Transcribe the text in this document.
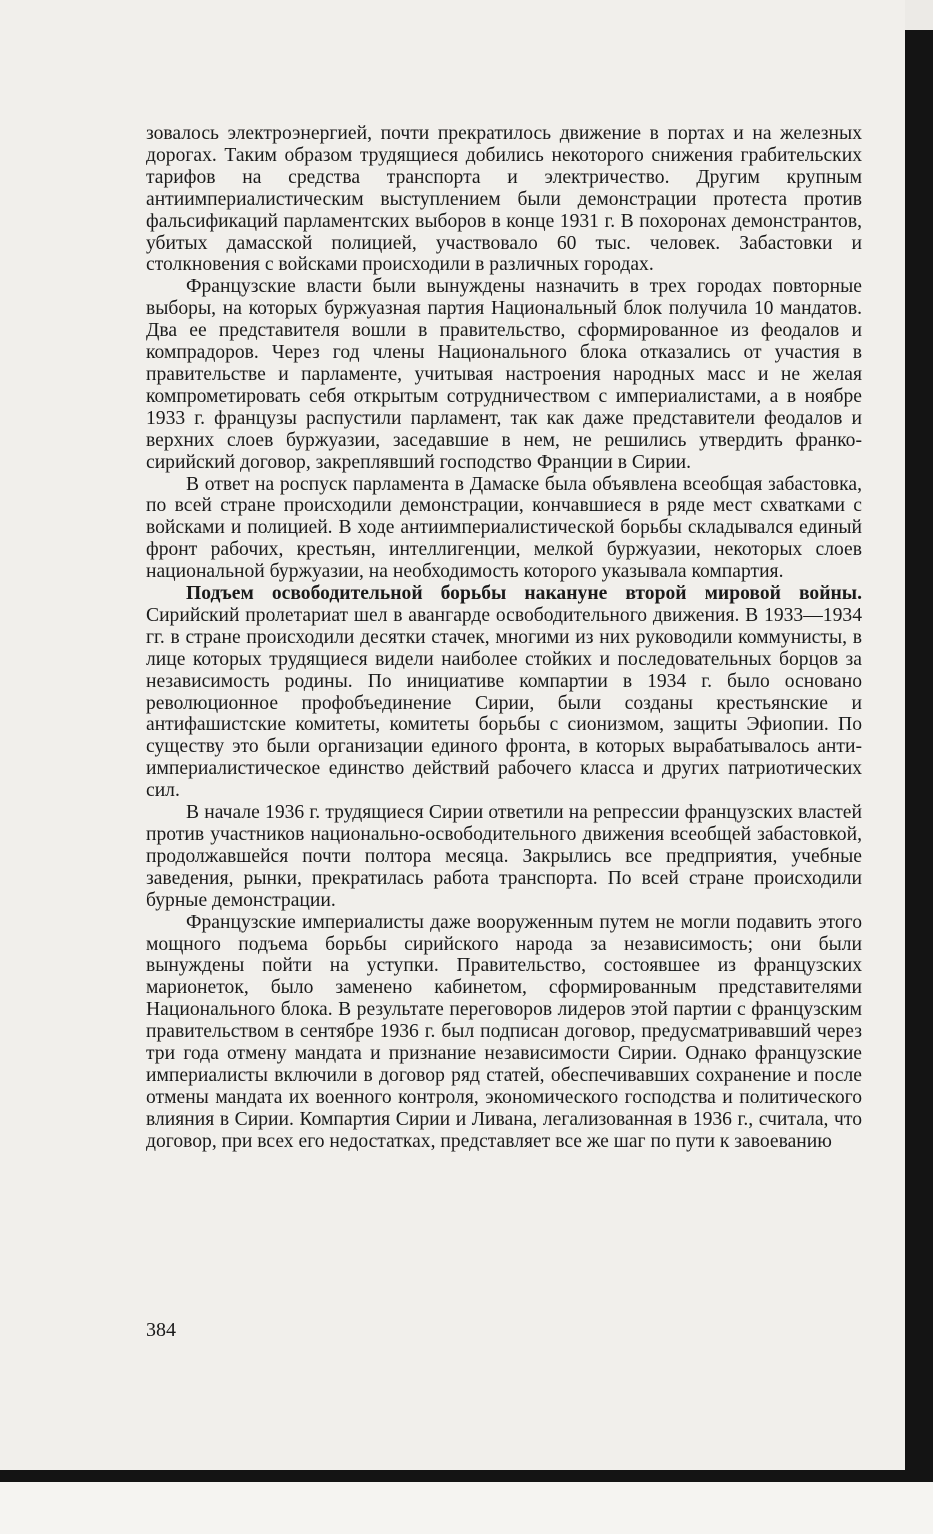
зовалось электроэнергией, почти прекратилось движение в портах и на железных дорогах. Таким образом трудящиеся добились некоторого снижения грабительских тарифов на средства транспорта и электричество. Другим крупным антиимпериалистическим выступлением были демонстрации протеста против фальсификаций парламентских выборов в конце 1931 г. В похоронах демонстрантов, убитых дамасской полицией, участвовало 60 тыс. человек. Забастовки и столкновения с войсками происходили в различных городах.

Французские власти были вынуждены назначить в трех городах повторные выборы, на которых буржуазная партия Национальный блок получила 10 мандатов. Два ее представителя вошли в правительство, сформированное из феодалов и компрадоров. Через год члены Национального блока отказались от участия в правительстве и парламенте, учитывая настроения народных масс и не желая компрометировать себя открытым сотрудничеством с империалистами, а в ноябре 1933 г. французы распустили парламент, так как даже представители феодалов и верхних слоев буржуазии, заседавшие в нем, не решились утвердить франко-сирийский договор, закреплявший господство Франции в Сирии.

В ответ на роспуск парламента в Дамаске была объявлена всеобщая забастовка, по всей стране происходили демонстрации, кончавшиеся в ряде мест схватками с войсками и полицией. В ходе антиимпериалистической борьбы складывался единый фронт рабочих, крестьян, интеллигенции, мелкой буржуазии, некоторых слоев национальной буржуазии, на необходимость которого указывала компартия.

Подъем освободительной борьбы накануне второй мировой войны. Сирийский пролетариат шел в авангарде освободительного движения. В 1933—1934 гг. в стране происходили десятки стачек, многими из них руководили коммунисты, в лице которых трудящиеся видели наиболее стойких и последовательных борцов за независимость родины. По инициативе компартии в 1934 г. было основано революционное профобъединение Сирии, были созданы крестьянские и антифашистские комитеты, комитеты борьбы с сионизмом, защиты Эфиопии. По существу это были организации единого фронта, в которых вырабатывалось антиимпериалистическое единство действий рабочего класса и других патриотических сил.

В начале 1936 г. трудящиеся Сирии ответили на репрессии французских властей против участников национально-освободительного движения всеобщей забастовкой, продолжавшейся почти полтора месяца. Закрылись все предприятия, учебные заведения, рынки, прекратилась работа транспорта. По всей стране происходили бурные демонстрации.

Французские империалисты даже вооруженным путем не могли подавить этого мощного подъема борьбы сирийского народа за независимость; они были вынуждены пойти на уступки. Правительство, состоявшее из французских марионеток, было заменено кабинетом, сформированным представителями Национального блока. В результате переговоров лидеров этой партии с французским правительством в сентябре 1936 г. был подписан договор, предусматривавший через три года отмену мандата и признание независимости Сирии. Однако французские империалисты включили в договор ряд статей, обеспечивавших сохранение и после отмены мандата их военного контроля, экономического господства и политического влияния в Сирии. Компартия Сирии и Ливана, легализованная в 1936 г., считала, что договор, при всех его недостатках, представляет все же шаг по пути к завоеванию

384
